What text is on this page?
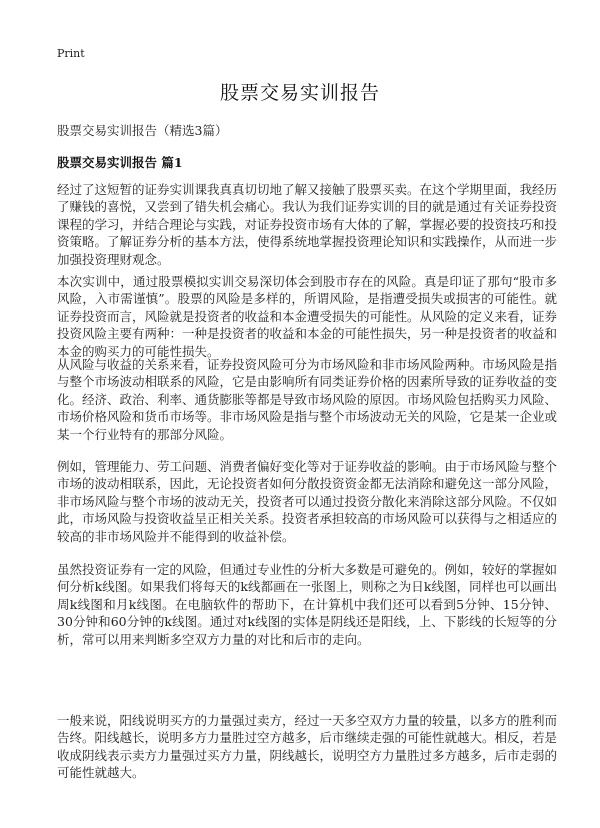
Print
股票交易实训报告
股票交易实训报告（精选3篇）
股票交易实训报告 篇1

经过了这短暂的证券实训课我真真切切地了解又接触了股票买卖。在这个学期里面，我经历了赚钱的喜悦，又尝到了错失机会痛心。我认为我们证券实训的目的就是通过有关证券投资课程的学习，并结合理论与实践，对证券投资市场有大体的了解，掌握必要的投资技巧和投资策略。了解证券分析的基本方法，使得系统地掌握投资理论知识和实践操作，从而进一步加强投资理财观念。

本次实训中，通过股票模拟实训交易深切体会到股市存在的风险。真是印证了那句“股市多风险，入市需谨慎”。股票的风险是多样的，所谓风险，是指遭受损失或损害的可能性。就证券投资而言，风险就是投资者的收益和本金遭受损失的可能性。从风险的定义来看，证券投资风险主要有两种：一种是投资者的收益和本金的可能性损失，另一种是投资者的收益和本金的购买力的可能性损失。

从风险与收益的关系来看，证券投资风险可分为市场风险和非市场风险两种。市场风险是指与整个市场波动相联系的风险，它是由影响所有同类证券价格的因素所导致的证券收益的变化。经济、政治、利率、通货膨胀等都是导致市场风险的原因。市场风险包括购买力风险、市场价格风险和货币市场等。非市场风险是指与整个市场波动无关的风险，它是某一企业或某一个行业特有的那部分风险。

例如，管理能力、劳工问题、消费者偏好变化等对于证券收益的影响。由于市场风险与整个市场的波动相联系，因此，无论投资者如何分散投资资金都无法消除和避免这一部分风险，非市场风险与整个市场的波动无关，投资者可以通过投资分散化来消除这部分风险。不仅如此，市场风险与投资收益呈正相关关系。投资者承担较高的市场风险可以获得与之相适应的较高的非市场风险并不能得到的收益补偿。

虽然投资证券有一定的风险，但通过专业性的分析大多数是可避免的。例如，较好的掌握如何分析k线图。如果我们将每天的k线都画在一张图上，则称之为日k线图，同样也可以画出周k线图和月k线图。在电脑软件的帮助下，在计算机中我们还可以看到5分钟、15分钟、30分钟和60分钟的k线图。通过对k线图的实体是阴线还是阳线，上、下影线的长短等的分析，常可以用来判断多空双方力量的对比和后市的走向。

一般来说，阳线说明买方的力量强过卖方，经过一天多空双方力量的较量，以多方的胜利而告终。阳线越长，说明多方力量胜过空方越多，后市继续走强的可能性就越大。相反，若是收成阴线表示卖方力量强过买方力量，阴线越长，说明空方力量胜过多方越多，后市走弱的可能性就越大。
